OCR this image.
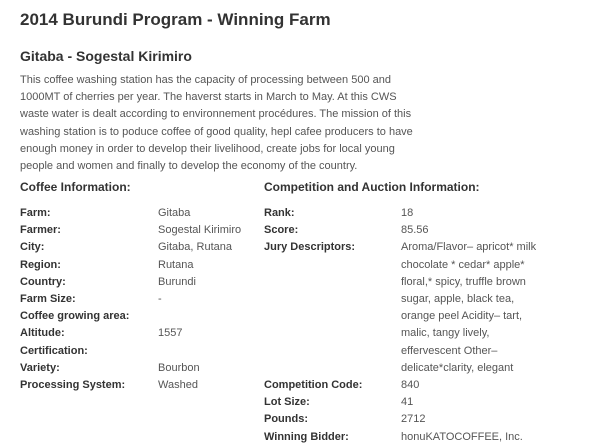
2014 Burundi Program - Winning Farm
Gitaba - Sogestal Kirimiro
This coffee washing station has the capacity of processing between 500 and 1000MT of cherries per year. The haverst starts in March to May. At this CWS waste water is dealt according to environnement procédures. The mission of this washing station is to poduce coffee of good quality, hepl cafee producers to have enough money in order to develop their livelihood, create jobs for local young people and women and finally to develop the economy of the country.
Coffee Information:	Competition and Auction Information:
Farm:	Gitaba
Farmer:	Sogestal Kirimiro
City:	Gitaba, Rutana
Region:	Rutana
Country:	Burundi
Farm Size:	-
Coffee growing area:
Altitude:	1557
Certification:
Variety:	Bourbon
Processing System:	Washed
Rank:	18
Score:	85.56
Jury Descriptors:	Aroma/Flavor– apricot* milk chocolate * cedar* apple* floral,* spicy, truffle brown sugar, apple, black tea, orange peel Acidity– tart, malic, tangy lively, effervescent Other– delicate*clarity, elegant
Competition Code:	840
Lot Size:	41
Pounds:	2712
Winning Bidder:	honuKATOCOFFEE, Inc.
